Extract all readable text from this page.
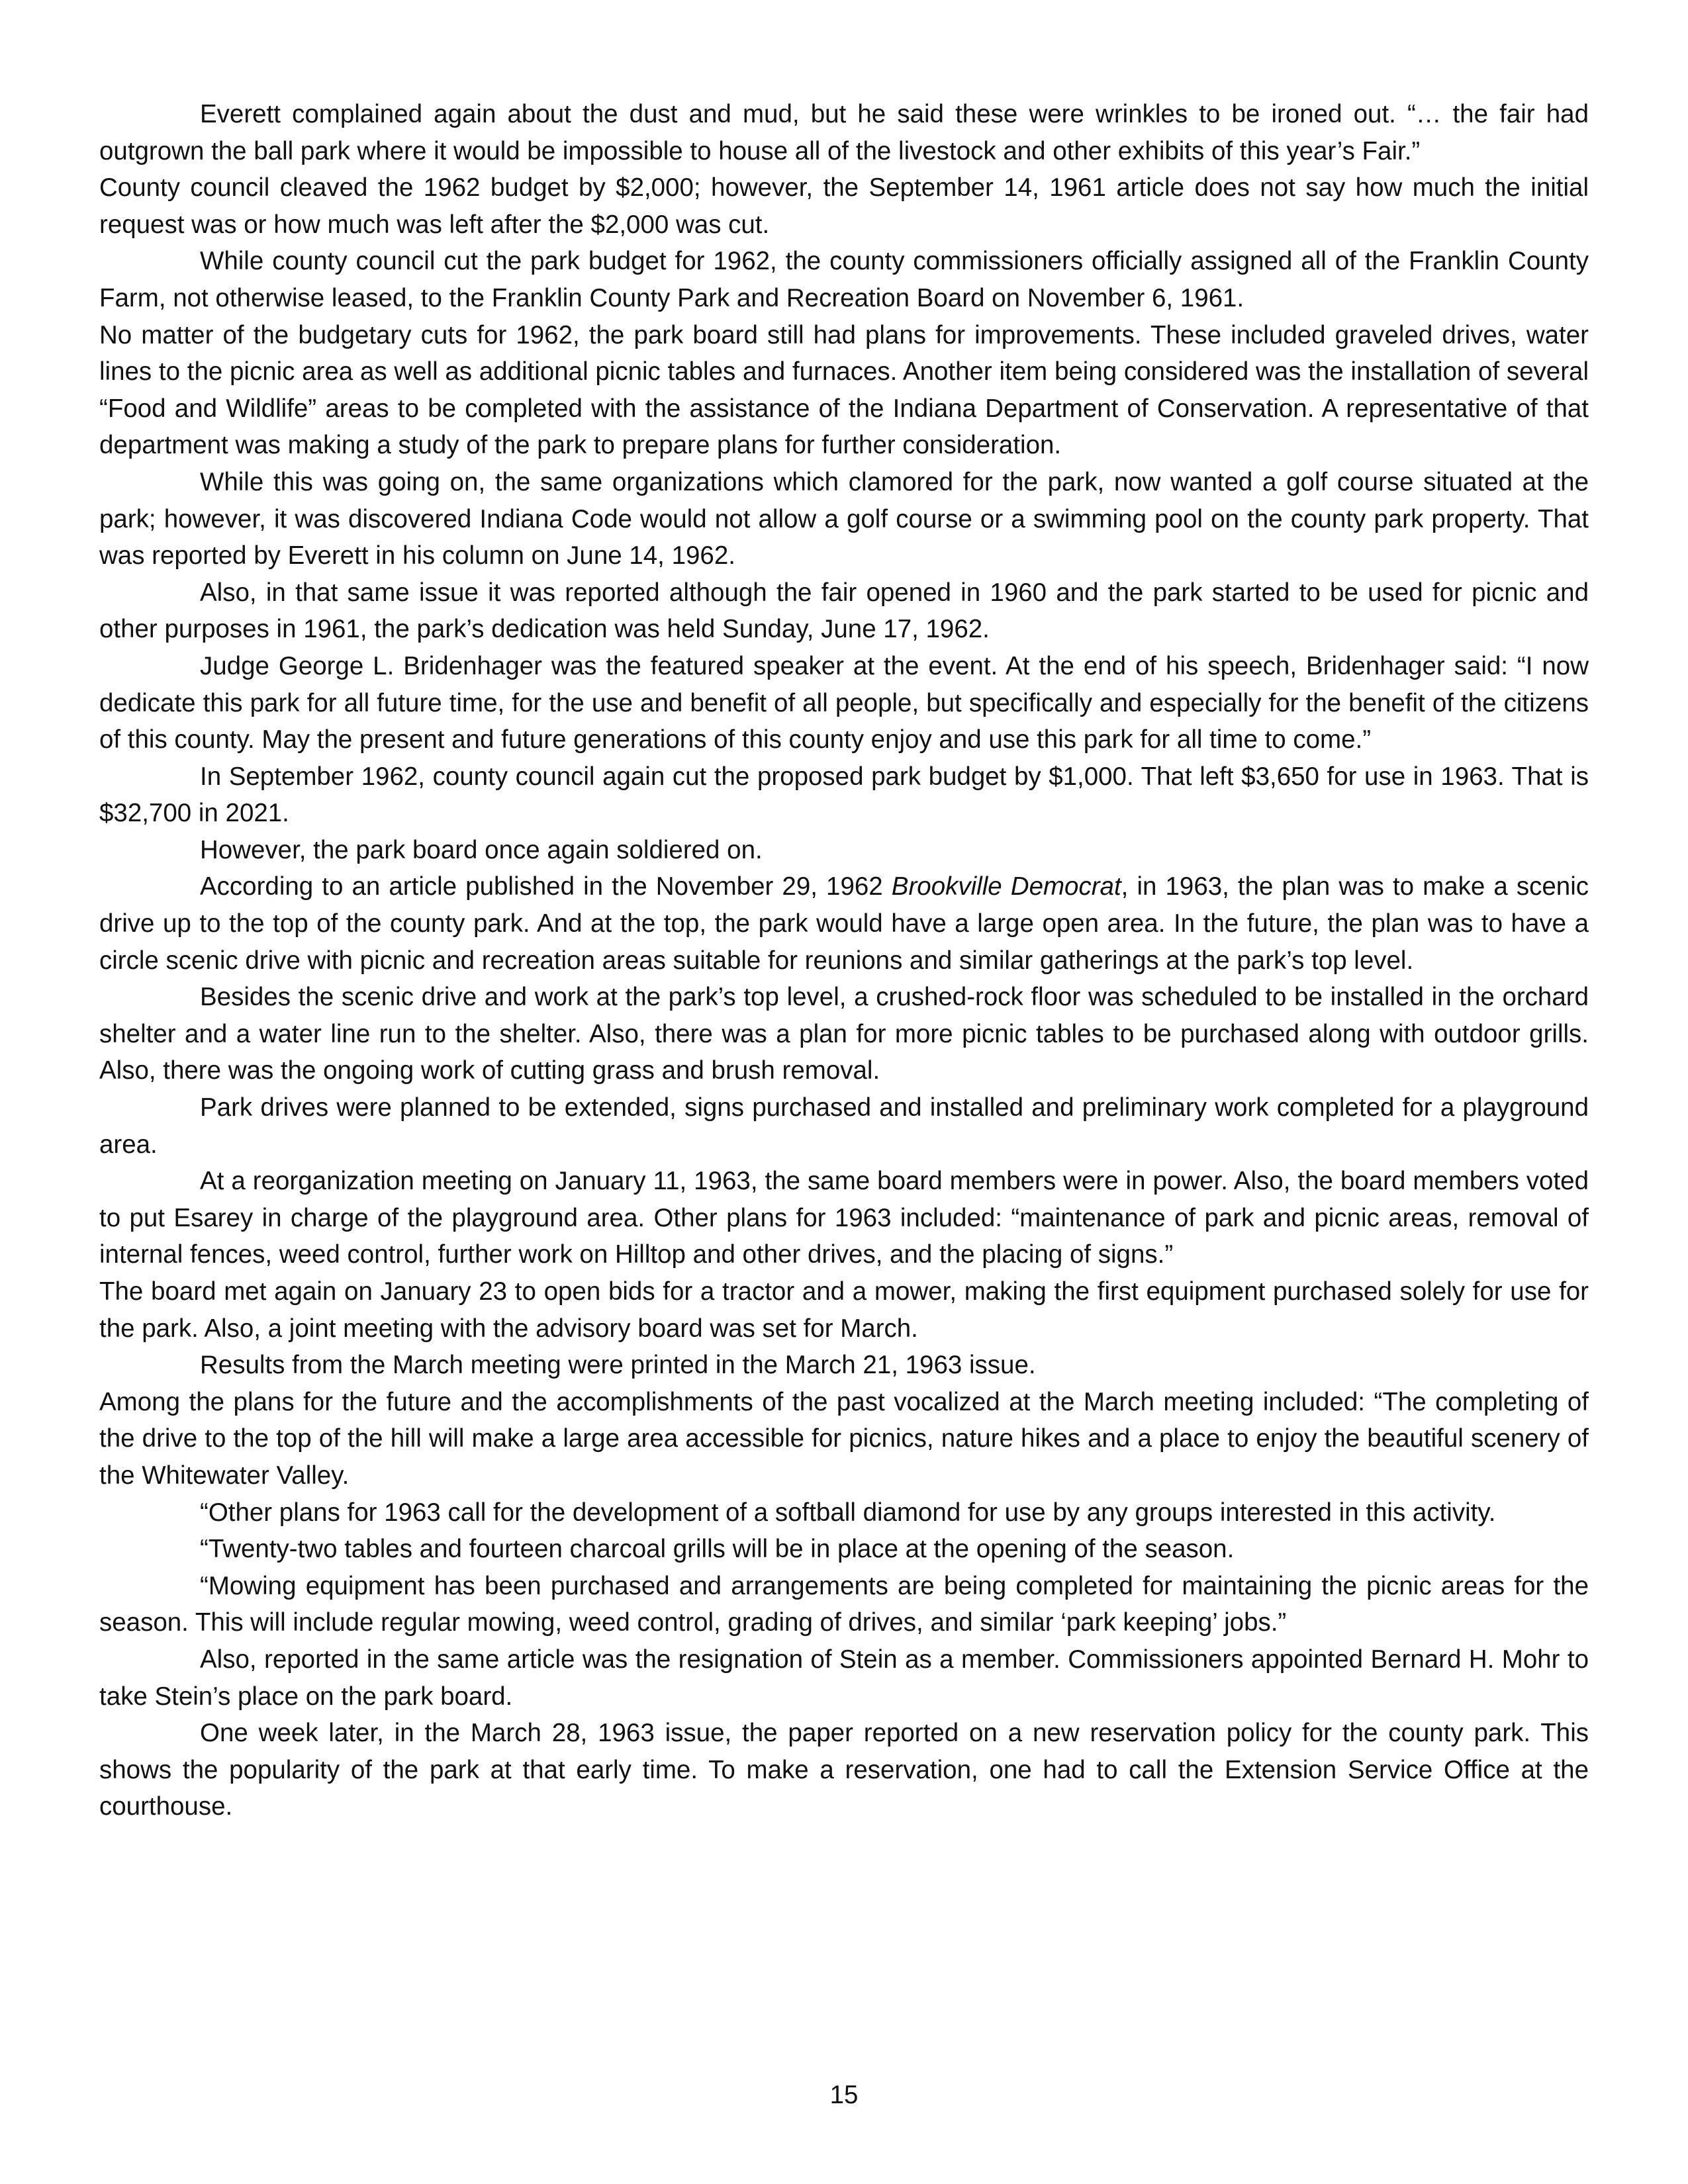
Everett complained again about the dust and mud, but he said these were wrinkles to be ironed out. “… the fair had outgrown the ball park where it would be impossible to house all of the livestock and other exhibits of this year’s Fair.”

County council cleaved the 1962 budget by $2,000; however, the September 14, 1961 article does not say how much the initial request was or how much was left after the $2,000 was cut.

While county council cut the park budget for 1962, the county commissioners officially assigned all of the Franklin County Farm, not otherwise leased, to the Franklin County Park and Recreation Board on November 6, 1961.

No matter of the budgetary cuts for 1962, the park board still had plans for improvements. These included graveled drives, water lines to the picnic area as well as additional picnic tables and furnaces. Another item being considered was the installation of several “Food and Wildlife” areas to be completed with the assistance of the Indiana Department of Conservation. A representative of that department was making a study of the park to prepare plans for further consideration.

While this was going on, the same organizations which clamored for the park, now wanted a golf course situated at the park; however, it was discovered Indiana Code would not allow a golf course or a swimming pool on the county park property. That was reported by Everett in his column on June 14, 1962.

Also, in that same issue it was reported although the fair opened in 1960 and the park started to be used for picnic and other purposes in 1961, the park’s dedication was held Sunday, June 17, 1962.

Judge George L. Bridenhager was the featured speaker at the event. At the end of his speech, Bridenhager said: “I now dedicate this park for all future time, for the use and benefit of all people, but specifically and especially for the benefit of the citizens of this county. May the present and future generations of this county enjoy and use this park for all time to come.”

In September 1962, county council again cut the proposed park budget by $1,000. That left $3,650 for use in 1963. That is $32,700 in 2021.

However, the park board once again soldiered on.

According to an article published in the November 29, 1962 Brookville Democrat, in 1963, the plan was to make a scenic drive up to the top of the county park. And at the top, the park would have a large open area. In the future, the plan was to have a circle scenic drive with picnic and recreation areas suitable for reunions and similar gatherings at the park’s top level.

Besides the scenic drive and work at the park’s top level, a crushed-rock floor was scheduled to be installed in the orchard shelter and a water line run to the shelter. Also, there was a plan for more picnic tables to be purchased along with outdoor grills. Also, there was the ongoing work of cutting grass and brush removal.

Park drives were planned to be extended, signs purchased and installed and preliminary work completed for a playground area.

At a reorganization meeting on January 11, 1963, the same board members were in power. Also, the board members voted to put Esarey in charge of the playground area. Other plans for 1963 included: “maintenance of park and picnic areas, removal of internal fences, weed control, further work on Hilltop and other drives, and the placing of signs.”

The board met again on January 23 to open bids for a tractor and a mower, making the first equipment purchased solely for use for the park. Also, a joint meeting with the advisory board was set for March.

Results from the March meeting were printed in the March 21, 1963 issue.

Among the plans for the future and the accomplishments of the past vocalized at the March meeting included: “The completing of the drive to the top of the hill will make a large area accessible for picnics, nature hikes and a place to enjoy the beautiful scenery of the Whitewater Valley.

“Other plans for 1963 call for the development of a softball diamond for use by any groups interested in this activity.

“Twenty-two tables and fourteen charcoal grills will be in place at the opening of the season.

“Mowing equipment has been purchased and arrangements are being completed for maintaining the picnic areas for the season. This will include regular mowing, weed control, grading of drives, and similar ‘park keeping’ jobs.”

Also, reported in the same article was the resignation of Stein as a member. Commissioners appointed Bernard H. Mohr to take Stein’s place on the park board.

One week later, in the March 28, 1963 issue, the paper reported on a new reservation policy for the county park. This shows the popularity of the park at that early time. To make a reservation, one had to call the Extension Service Office at the courthouse.

15
